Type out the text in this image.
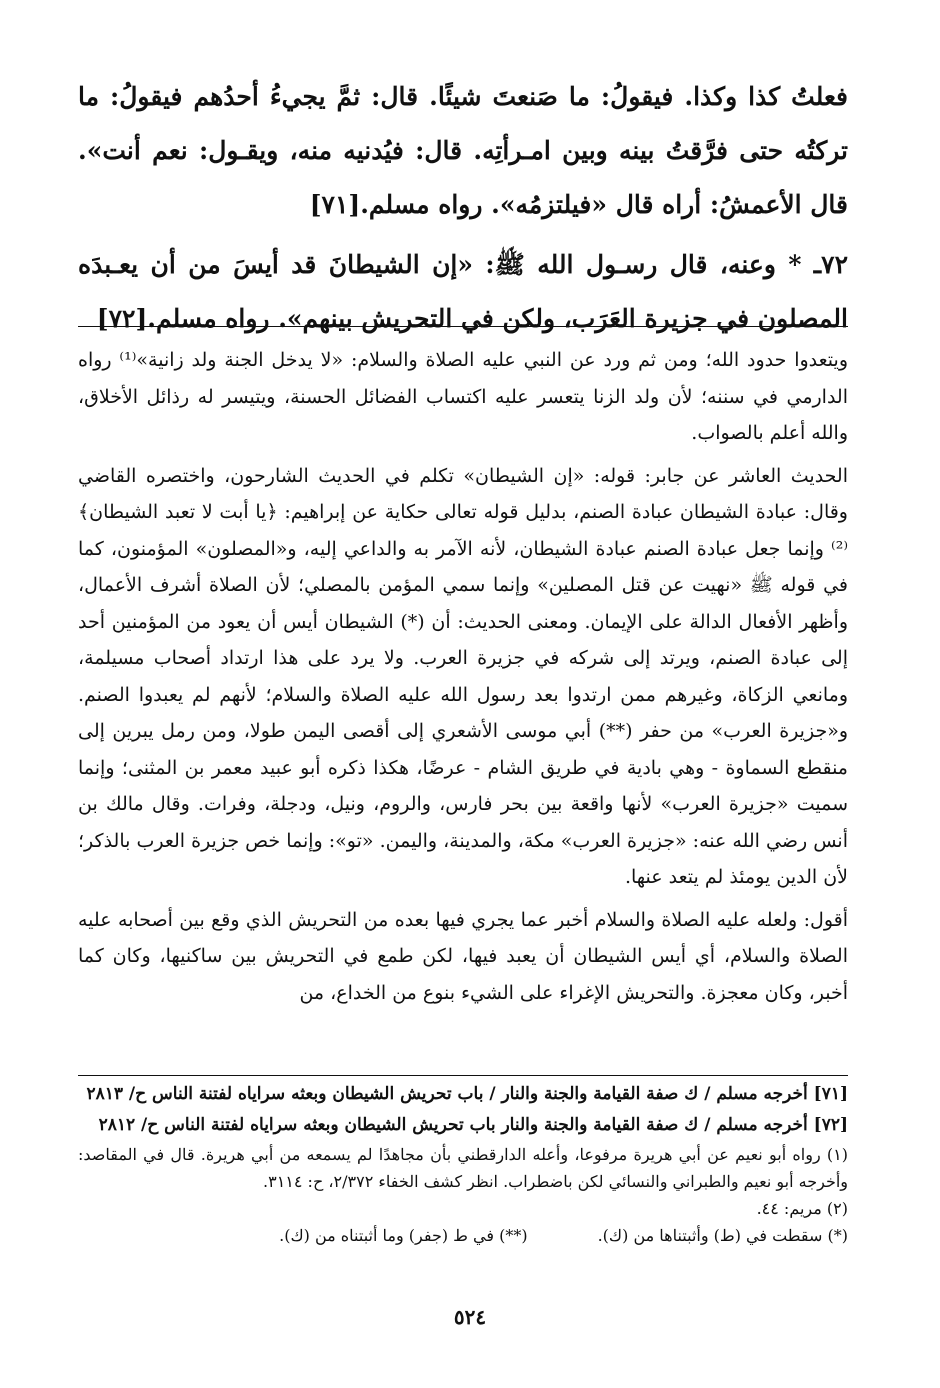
فعلتُ كذا وكذا. فيقولُ: ما صَنعتَ شيئًا. قال: ثمَّ يجيءُ أحدُهم فيقولُ: ما تركتُه حتى فرَّقتُ بينه وبين امـرأتِه. قال: فيُدنيه منه، ويقـول: نعم أنت». قال الأعمشُ: أراه قال «فيلتزمُه». رواه مسلم.[٧١]

٧٢ـ * وعنه، قال رسـول الله ﷺ: «إن الشيطانَ قد أيسَ من أن يعـبدَه المصلون في جزيرة العَرَب، ولكن في التحريش بينهم». رواه مسلم.[٧٢]

ويتعدوا حدود الله؛ ومن ثم ورد عن النبي عليه الصلاة والسلام: «لا يدخل الجنة ولد زانية»⁽¹⁾ رواه الدارمي في سننه؛ لأن ولد الزنا يتعسر عليه اكتساب الفضائل الحسنة، ويتيسر له رذائل الأخلاق، والله أعلم بالصواب.

الحديث العاشر عن جابر: قوله: «إن الشيطان» تكلم في الحديث الشارحون، واختصره القاضي وقال: عبادة الشيطان عبادة الصنم، بدليل قوله تعالى حكاية عن إبراهيم: ﴿يا أبت لا تعبد الشيطان﴾⁽²⁾ وإنما جعل عبادة الصنم عبادة الشيطان، لأنه الآمر به والداعي إليه، و«المصلون» المؤمنون، كما في قوله ﷺ «نهيت عن قتل المصلين» وإنما سمي المؤمن بالمصلي؛ لأن الصلاة أشرف الأعمال، وأظهر الأفعال الدالة على الإيمان. ومعنى الحديث: أن (*) الشيطان أيس أن يعود من المؤمنين أحد إلى عبادة الصنم، ويرتد إلى شركه في جزيرة العرب. ولا يرد على هذا ارتداد أصحاب مسيلمة، ومانعي الزكاة، وغيرهم ممن ارتدوا بعد رسول الله عليه الصلاة والسلام؛ لأنهم لم يعبدوا الصنم. و«جزيرة العرب» من حفر (**) أبي موسى الأشعري إلى أقصى اليمن طولا، ومن رمل يبرين إلى منقطع السماوة - وهي بادية في طريق الشام - عرضًا، هكذا ذكره أبو عبيد معمر بن المثنى؛ وإنما سميت «جزيرة العرب» لأنها واقعة بين بحر فارس، والروم، ونيل، ودجلة، وفرات. وقال مالك بن أنس رضي الله عنه: «جزيرة العرب» مكة، والمدينة، واليمن. «تو»: وإنما خص جزيرة العرب بالذكر؛ لأن الدين يومئذ لم يتعد عنها.

أقول: ولعله عليه الصلاة والسلام أخبر عما يجري فيها بعده من التحريش الذي وقع بين أصحابه عليه الصلاة والسلام، أي أيس الشيطان أن يعبد فيها، لكن طمع في التحريش بين ساكنيها، وكان كما أخبر، وكان معجزة. والتحريش الإغراء على الشيء بنوع من الخداع، من

[٧١] أخرجه مسلم / ك صفة القيامة والجنة والنار / باب تحريش الشيطان وبعثه سراياه لفتنة الناس ح/ ٢٨١٣

[٧٢] أخرجه مسلم / ك صفة القيامة والجنة والنار باب تحريش الشيطان وبعثه سراياه لفتنة الناس ح/ ٢٨١٢

(١) رواه أبو نعيم عن أبي هريرة مرفوعا، وأعله الدارقطني بأن مجاهدًا لم يسمعه من أبي هريرة. قال في المقاصد: وأخرجه أبو نعيم والطبراني والنسائي لكن باضطراب. انظر كشف الخفاء ٢/٣٧٢، ح: ٣١١٤.

(٢) مريم: ٤٤.

(*) سقطت في (ط) وأثبتناها من (ك).

(**) في ط (جفر) وما أثبتناه من (ك).

٥٢٤
